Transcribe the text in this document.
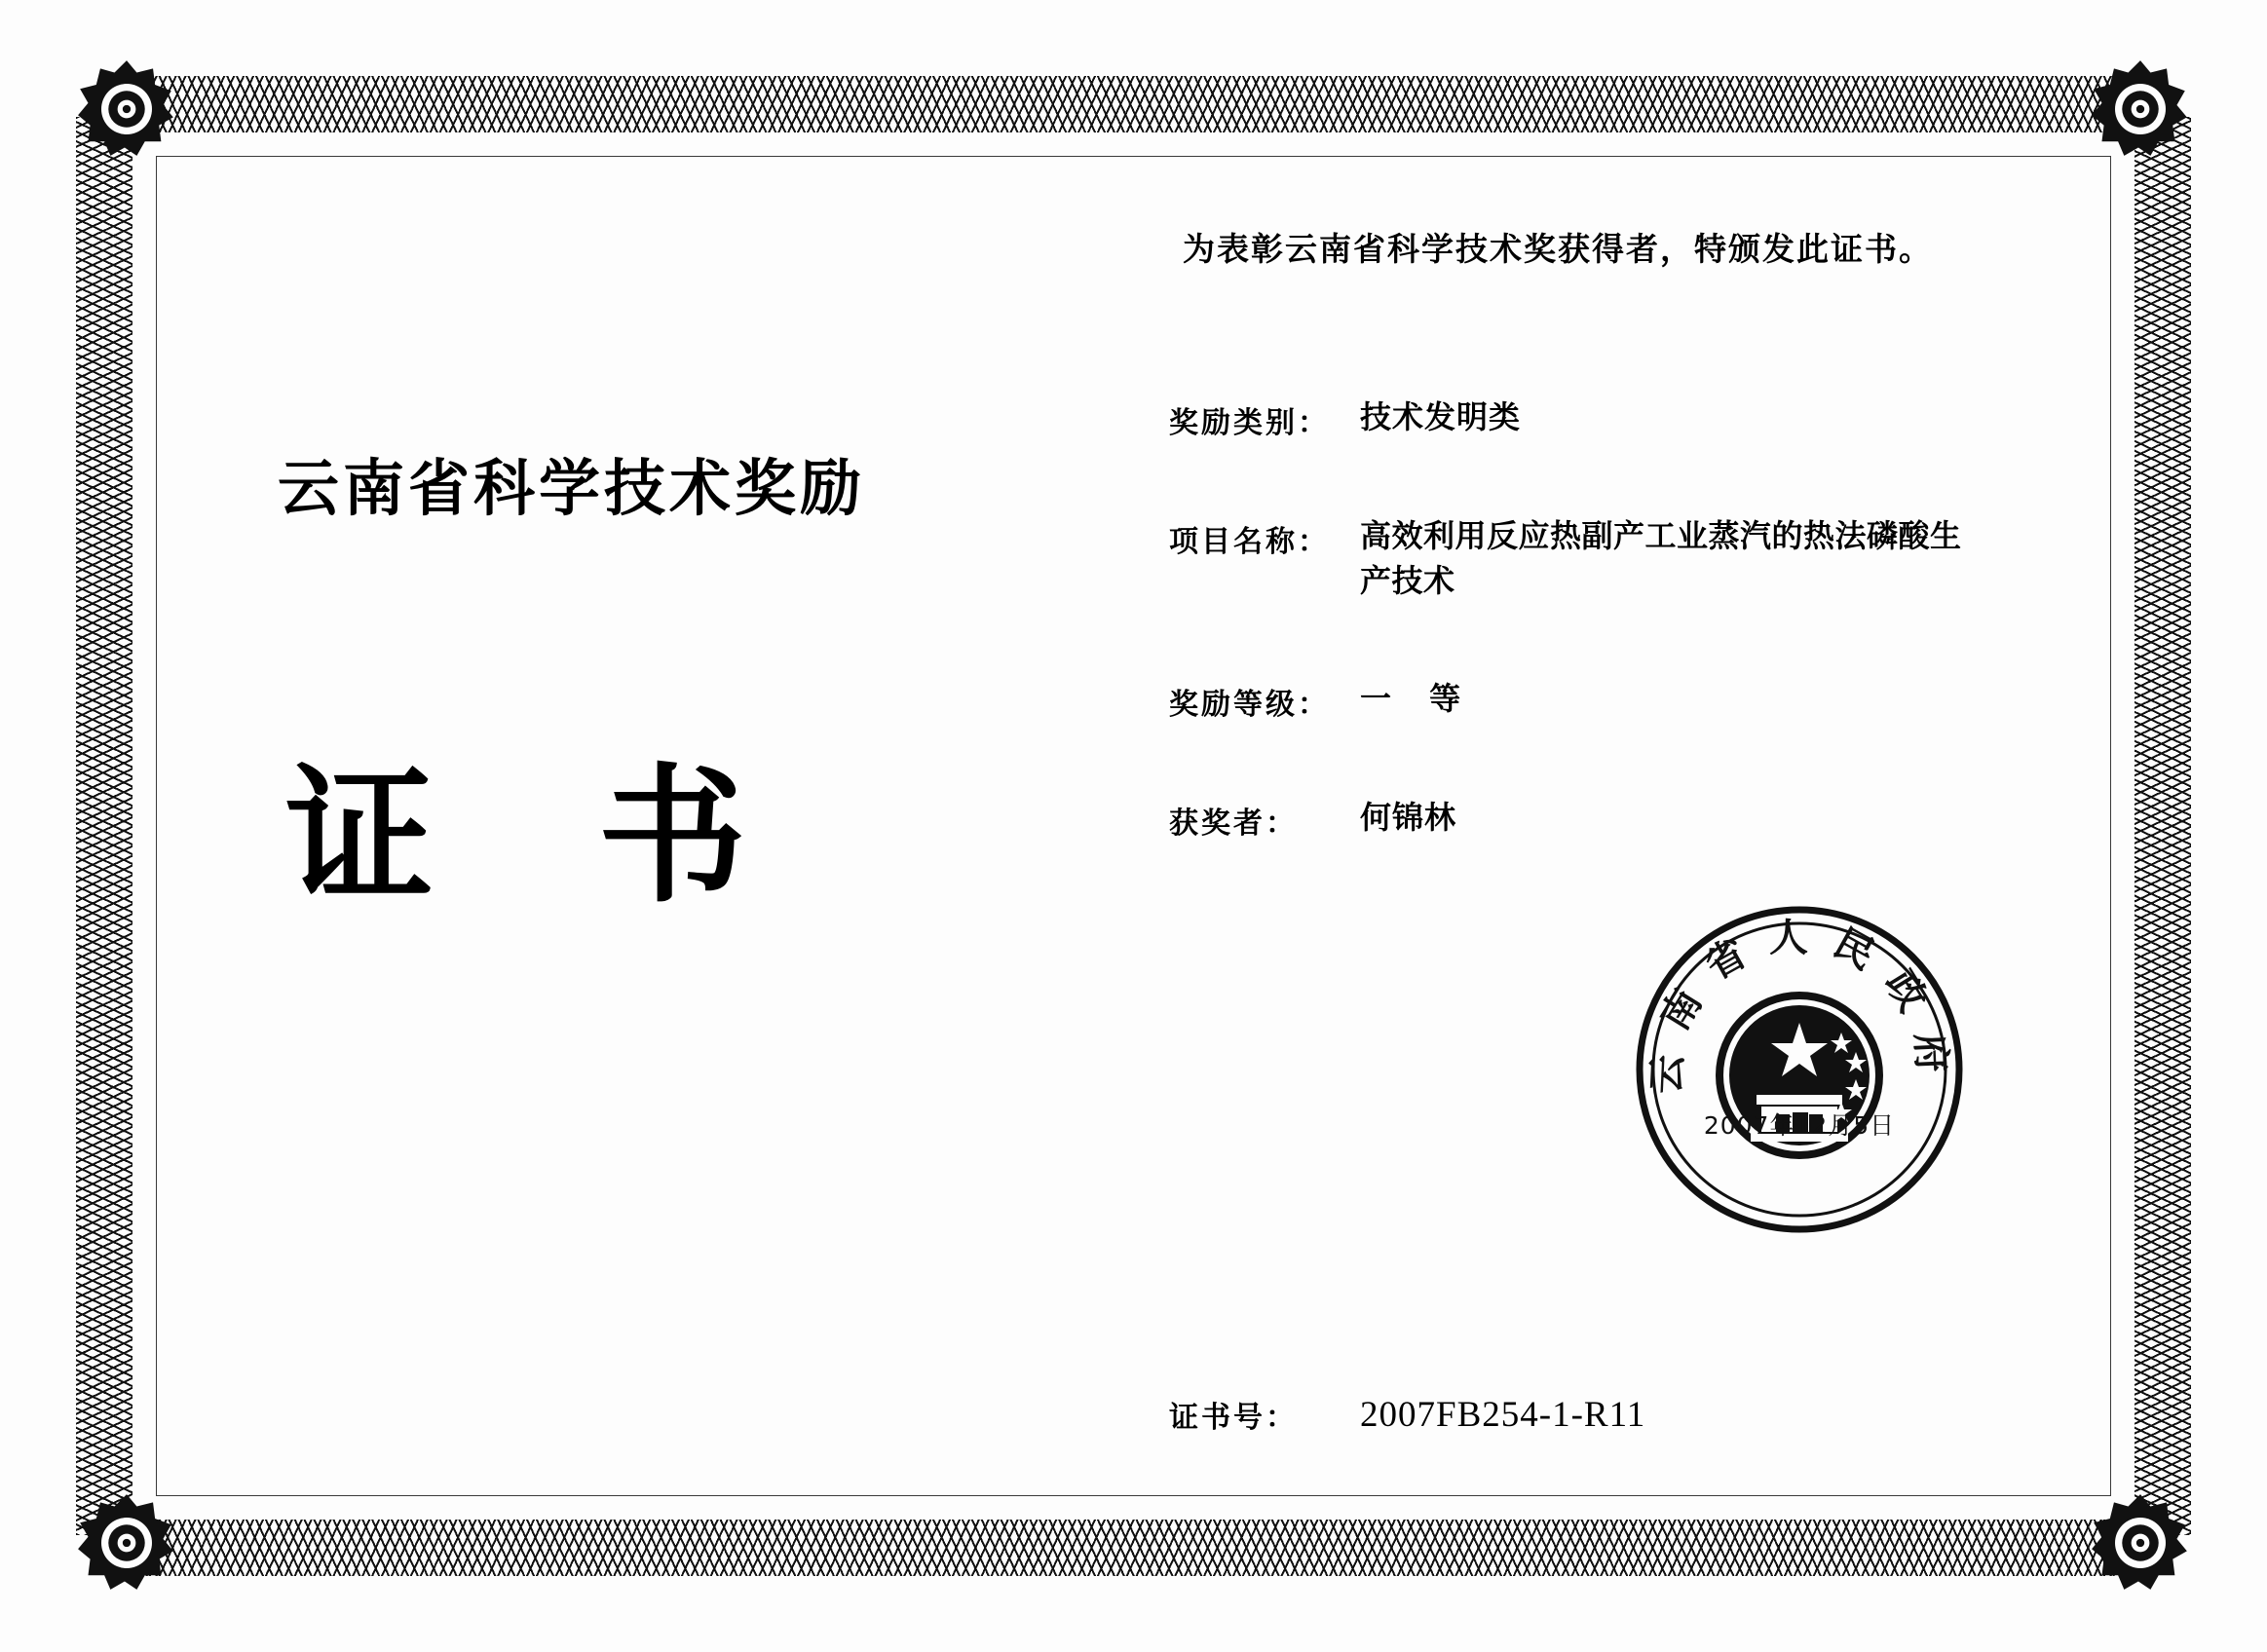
云南省科学技术奖励
证 书
为表彰云南省科学技术奖获得者，特颁发此证书。
奖励类别： 技术发明类
项目名称： 高效利用反应热副产工业蒸汽的热法磷酸生产技术
奖励等级： 一 等
获奖者：	何锦林
证书号：	2007FB254-1-R11
云南省人民政府
2007年12月5日
